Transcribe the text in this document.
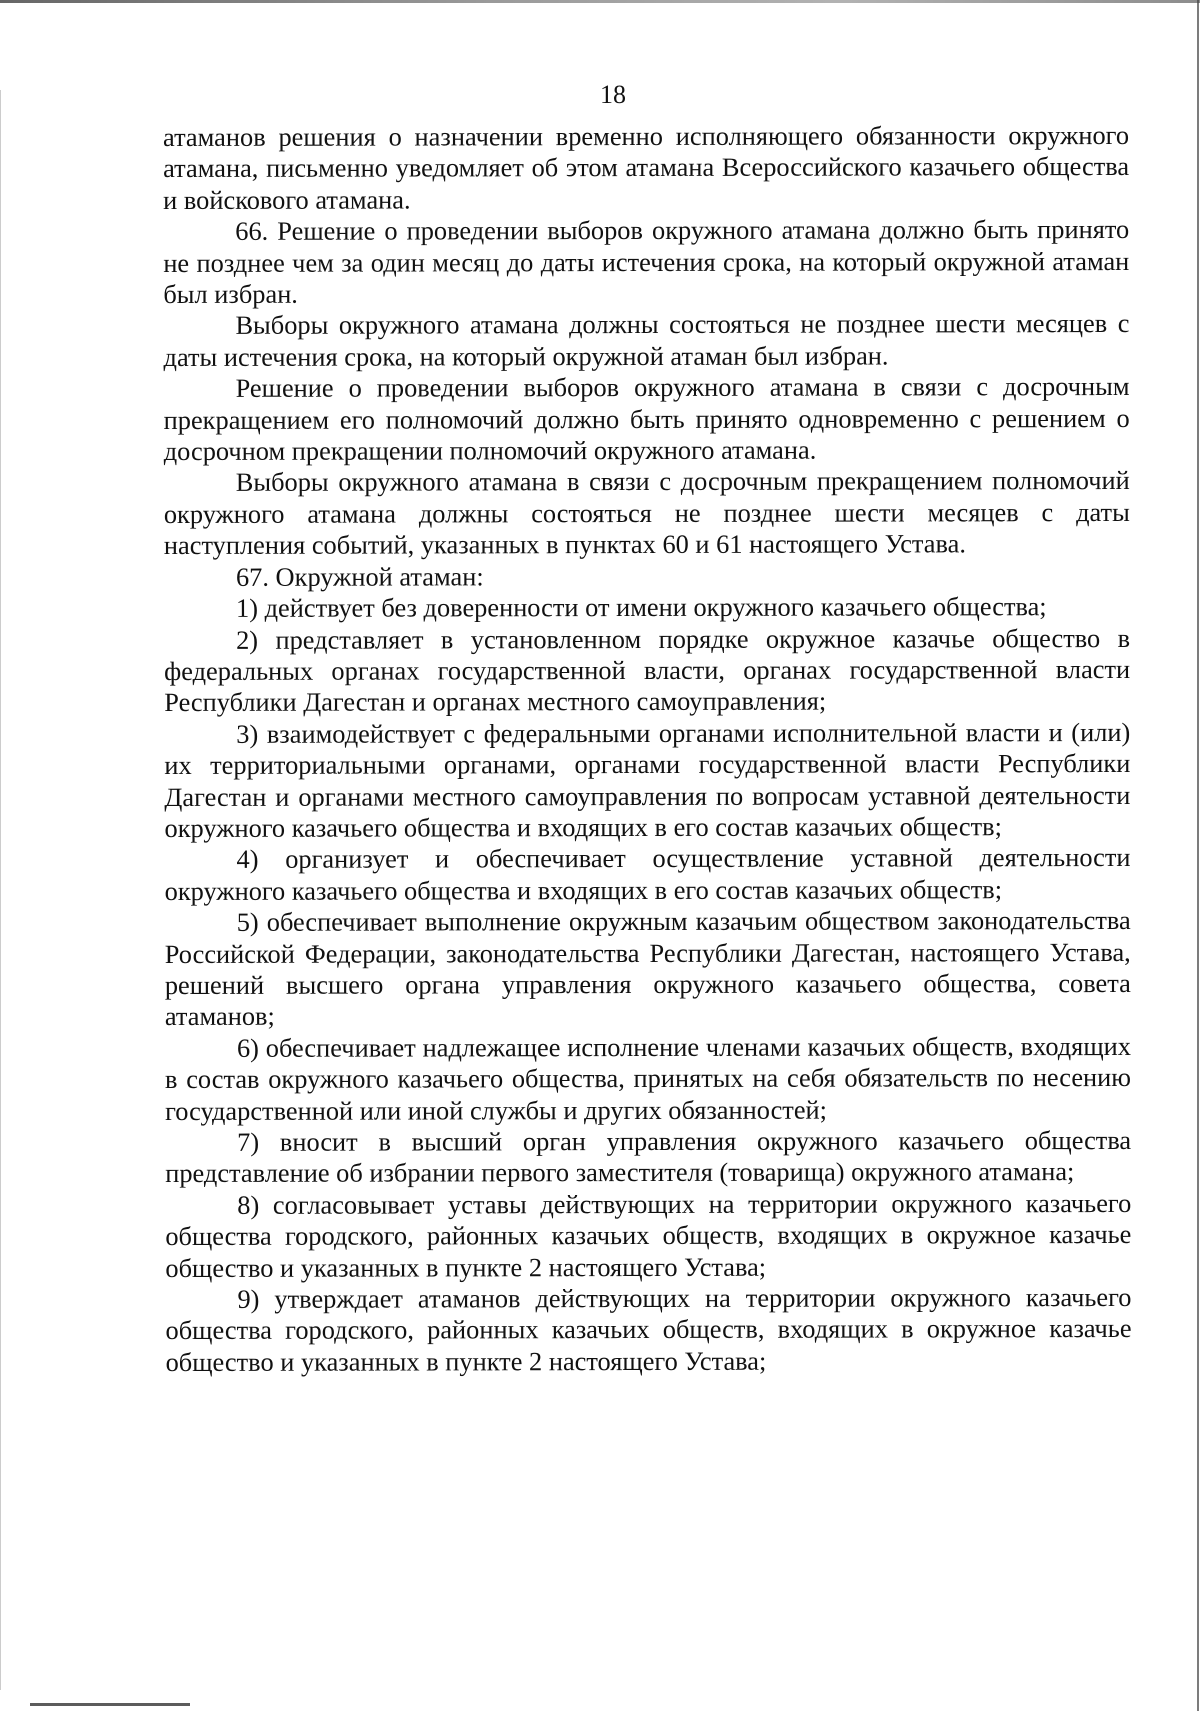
18

атаманов решения о назначении временно исполняющего обязанности окружного атамана, письменно уведомляет об этом атамана Всероссийского казачьего общества и войскового атамана.

66. Решение о проведении выборов окружного атамана должно быть принято не позднее чем за один месяц до даты истечения срока, на который окружной атаман был избран.

Выборы окружного атамана должны состояться не позднее шести месяцев с даты истечения срока, на который окружной атаман был избран.

Решение о проведении выборов окружного атамана в связи с досрочным прекращением его полномочий должно быть принято одновременно с решением о досрочном прекращении полномочий окружного атамана.

Выборы окружного атамана в связи с досрочным прекращением полномочий окружного атамана должны состояться не позднее шести месяцев с даты наступления событий, указанных в пунктах 60 и 61 настоящего Устава.

67. Окружной атаман:

1) действует без доверенности от имени окружного казачьего общества;

2) представляет в установленном порядке окружное казачье общество в федеральных органах государственной власти, органах государственной власти Республики Дагестан и органах местного самоуправления;

3) взаимодействует с федеральными органами исполнительной власти и (или) их территориальными органами, органами государственной власти Республики Дагестан и органами местного самоуправления по вопросам уставной деятельности окружного казачьего общества и входящих в его состав казачьих обществ;

4) организует и обеспечивает осуществление уставной деятельности окружного казачьего общества и входящих в его состав казачьих обществ;

5) обеспечивает выполнение окружным казачьим обществом законодательства Российской Федерации, законодательства Республики Дагестан, настоящего Устава, решений высшего органа управления окружного казачьего общества, совета атаманов;

6) обеспечивает надлежащее исполнение членами казачьих обществ, входящих в состав окружного казачьего общества, принятых на себя обязательств по несению государственной или иной службы и других обязанностей;

7) вносит в высший орган управления окружного казачьего общества представление об избрании первого заместителя (товарища) окружного атамана;

8) согласовывает уставы действующих на территории окружного казачьего общества городского, районных казачьих обществ, входящих в окружное казачье общество и указанных в пункте 2 настоящего Устава;

9) утверждает атаманов действующих на территории окружного казачьего общества городского, районных казачьих обществ, входящих в окружное казачье общество и указанных в пункте 2 настоящего Устава;
